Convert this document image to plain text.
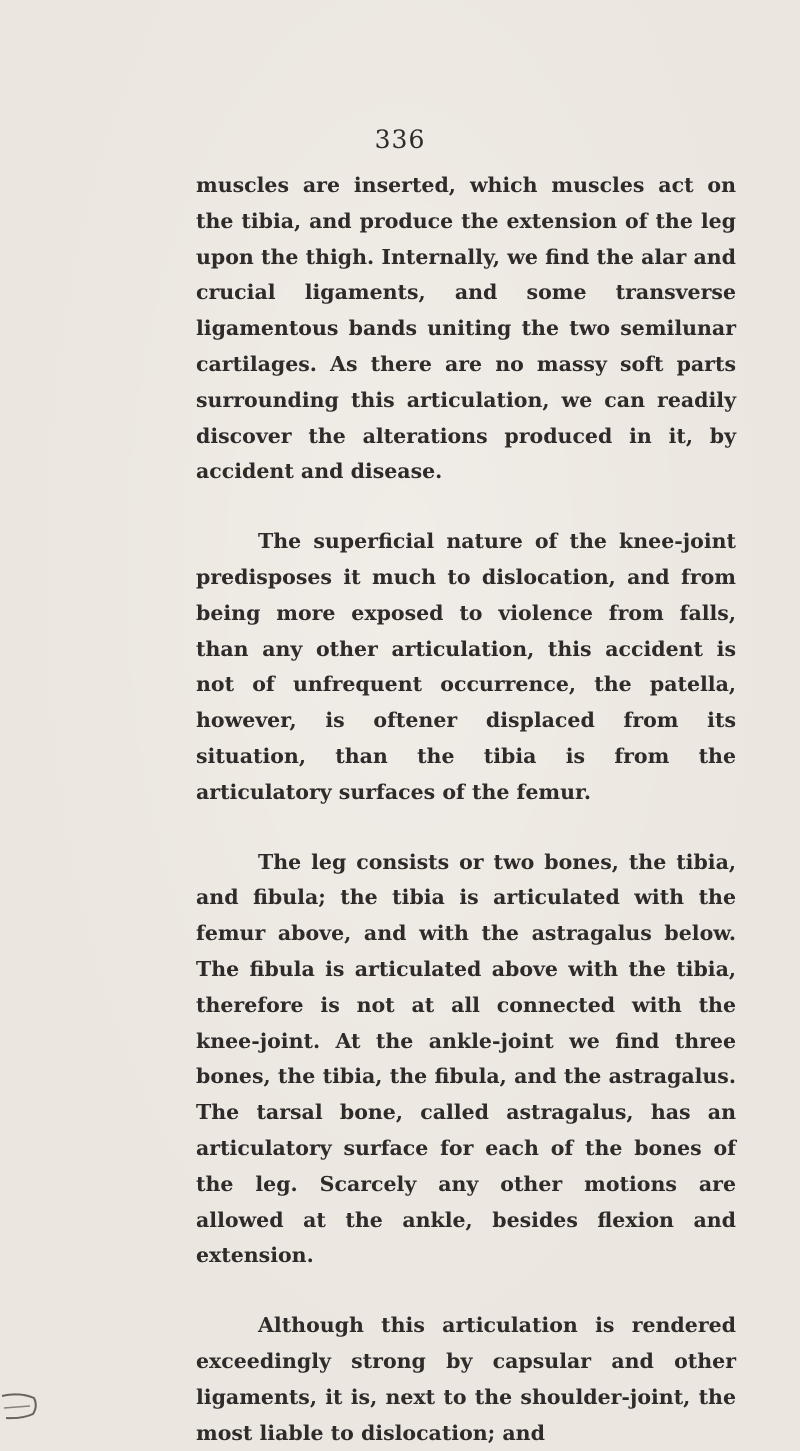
336

muscles are inserted, which muscles act on the tibia, and produce the extension of the leg upon the thigh. Internally, we find the alar and crucial ligaments, and some transverse ligamentous bands uniting the two semilunar cartilages. As there are no massy soft parts surrounding this articulation, we can readily discover the alterations produced in it, by accident and disease.

The superficial nature of the knee-joint predisposes it much to dislocation, and from being more exposed to violence from falls, than any other articulation, this accident is not of unfrequent occurrence, the patella, however, is oftener displaced from its situation, than the tibia is from the articulatory surfaces of the femur.

The leg consists or two bones, the tibia, and fibula; the tibia is articulated with the femur above, and with the astragalus below. The fibula is articulated above with the tibia, therefore is not at all connected with the knee-joint. At the ankle-joint we find three bones, the tibia, the fibula, and the astragalus. The tarsal bone, called astragalus, has an articulatory surface for each of the bones of the leg. Scarcely any other motions are allowed at the ankle, besides flexion and extension.

Although this articulation is rendered exceedingly strong by capsular and other ligaments, it is, next to the shoulder-joint, the most liable to dislocation; and
